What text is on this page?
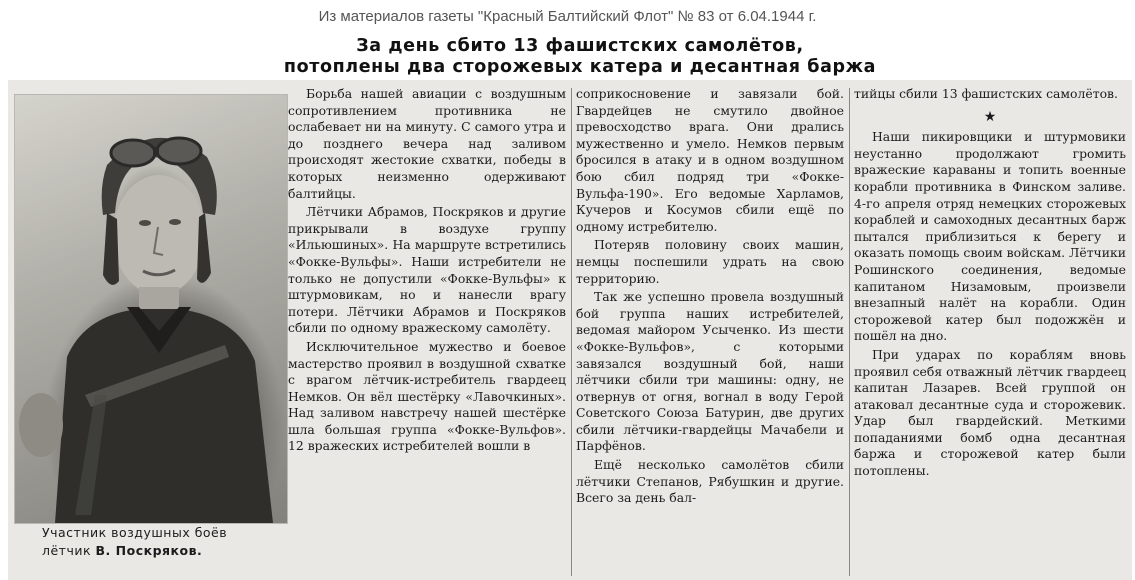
Из материалов газеты "Красный Балтийский Флот" № 83 от 6.04.1944 г.
За день сбито 13 фашистских самолётов,
потоплены два сторожевых катера и десантная баржа
Участник воздушных боёв
лётчик В. Поскряков.

Борьба нашей авиации с воздушным сопротивлением противника не ослабевает ни на минуту. С самого утра и до позднего вечера над заливом происходят жестокие схватки, победы в которых неизменно одерживают балтийцы.

Лётчики Абрамов, Поскряков и другие прикрывали в воздухе группу «Ильюшиных». На маршруте встретились «Фокке-Вульфы». Наши истребители не только не допустили «Фокке-Вульфы» к штурмовикам, но и нанесли врагу потери. Лётчики Абрамов и Поскряков сбили по одному вражескому самолёту.

Исключительное мужество и боевое мастерство проявил в воздушной схватке с врагом лётчик-истребитель гвардеец Немков. Он вёл шестёрку «Лавочкиных». Над заливом навстречу нашей шестёрке шла большая группа «Фокке-Вульфов». 12 вражеских истребителей вошли в

соприкосновение и завязали бой. Гвардейцев не смутило двойное превосходство врага. Они дрались мужественно и умело. Немков первым бросился в атаку и в одном воздушном бою сбил подряд три «Фокке-Вульфа-190». Его ведомые Харламов, Кучеров и Косумов сбили ещё по одному истребителю.

Потеряв половину своих машин, немцы поспешили удрать на свою территорию.

Так же успешно провела воздушный бой группа наших истребителей, ведомая майором Усыченко. Из шести «Фокке-Вульфов», с которыми завязался воздушный бой, наши лётчики сбили три машины: одну, не отвернув от огня, вогнал в воду Герой Советского Союза Батурин, две других сбили лётчики-гвардейцы Мачабели и Парфёнов.

Ещё несколько самолётов сбили лётчики Степанов, Рябушкин и другие. Всего за день бал-

тийцы сбили 13 фашистских самолётов.

★

Наши пикировщики и штурмовики неустанно продолжают громить вражеские караваны и топить военные корабли противника в Финском заливе. 4-го апреля отряд немецких сторожевых кораблей и самоходных десантных барж пытался приблизиться к берегу и оказать помощь своим войскам. Лётчики Рошинского соединения, ведомые капитаном Низамовым, произвели внезапный налёт на корабли. Один сторожевой катер был подожжён и пошёл на дно.

При ударах по кораблям вновь проявил себя отважный лётчик гвардеец капитан Лазарев. Всей группой он атаковал десантные суда и сторожевик. Удар был гвардейский. Меткими попаданиями бомб одна десантная баржа и сторожевой катер были потоплены.
